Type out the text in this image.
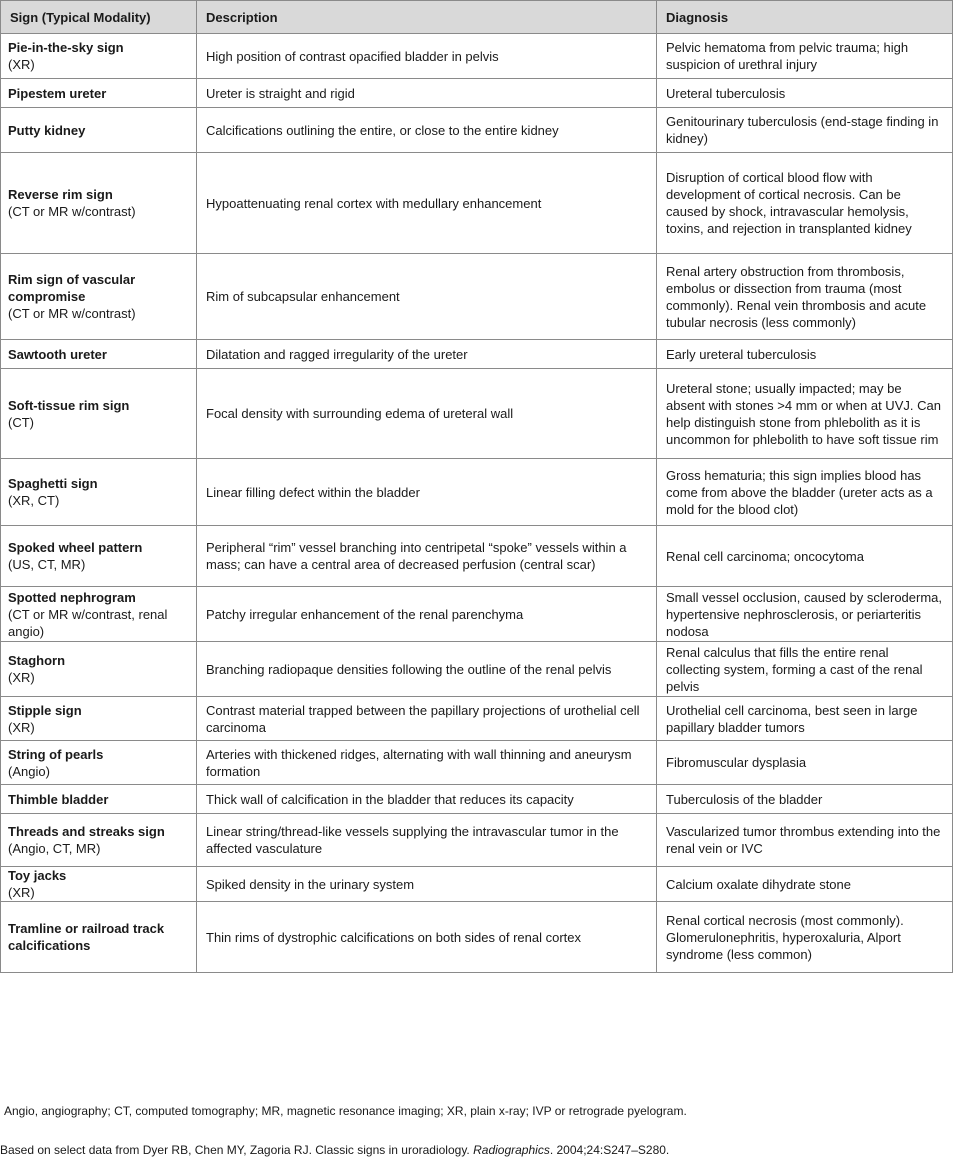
Sign (Typical Modality)	Description	Diagnosis

Pie-in-the-sky sign
(XR)	High position of contrast opacified bladder in pelvis	Pelvic hematoma from pelvic trauma; high suspicion of urethral injury

Pipestem ureter	Ureter is straight and rigid	Ureteral tuberculosis

Putty kidney	Calcifications outlining the entire, or close to the entire kidney	Genitourinary tuberculosis (end-stage finding in kidney)

Reverse rim sign
(CT or MR w/contrast)	Hypoattenuating renal cortex with medullary enhancement	Disruption of cortical blood flow with development of cortical necrosis. Can be caused by shock, intravascular hemolysis, toxins, and rejection in transplanted kidney

Rim sign of vascular compromise
(CT or MR w/contrast)	Rim of subcapsular enhancement	Renal artery obstruction from thrombosis, embolus or dissection from trauma (most commonly). Renal vein thrombosis and acute tubular necrosis (less commonly)

Sawtooth ureter	Dilatation and ragged irregularity of the ureter	Early ureteral tuberculosis

Soft-tissue rim sign
(CT)	Focal density with surrounding edema of ureteral wall	Ureteral stone; usually impacted; may be absent with stones >4 mm or when at UVJ. Can help distinguish stone from phlebolith as it is uncommon for phlebolith to have soft tissue rim

Spaghetti sign
(XR, CT)	Linear filling defect within the bladder	Gross hematuria; this sign implies blood has come from above the bladder (ureter acts as a mold for the blood clot)

Spoked wheel pattern
(US, CT, MR)	Peripheral “rim” vessel branching into centripetal “spoke” vessels within a mass; can have a central area of decreased perfusion (central scar)	Renal cell carcinoma; oncocytoma

Spotted nephrogram
(CT or MR w/contrast, renal angio)	Patchy irregular enhancement of the renal parenchyma	Small vessel occlusion, caused by scleroderma, hypertensive nephrosclerosis, or periarteritis nodosa

Staghorn
(XR)	Branching radiopaque densities following the outline of the renal pelvis	Renal calculus that fills the entire renal collecting system, forming a cast of the renal pelvis

Stipple sign
(XR)	Contrast material trapped between the papillary projections of urothelial cell carcinoma	Urothelial cell carcinoma, best seen in large papillary bladder tumors

String of pearls
(Angio)	Arteries with thickened ridges, alternating with wall thinning and aneurysm formation	Fibromuscular dysplasia

Thimble bladder	Thick wall of calcification in the bladder that reduces its capacity	Tuberculosis of the bladder

Threads and streaks sign
(Angio, CT, MR)	Linear string/thread-like vessels supplying the intravascular tumor in the affected vasculature	Vascularized tumor thrombus extending into the renal vein or IVC

Toy jacks
(XR)	Spiked density in the urinary system	Calcium oxalate dihydrate stone

Tramline or railroad track calcifications	Thin rims of dystrophic calcifications on both sides of renal cortex	Renal cortical necrosis (most commonly). Glomerulonephritis, hyperoxaluria, Alport syndrome (less common)
Angio, angiography; CT, computed tomography; MR, magnetic resonance imaging; XR, plain x-ray; IVP or retrograde pyelogram.
Based on select data from Dyer RB, Chen MY, Zagoria RJ. Classic signs in uroradiology. Radiographics. 2004;24:S247–S280.
